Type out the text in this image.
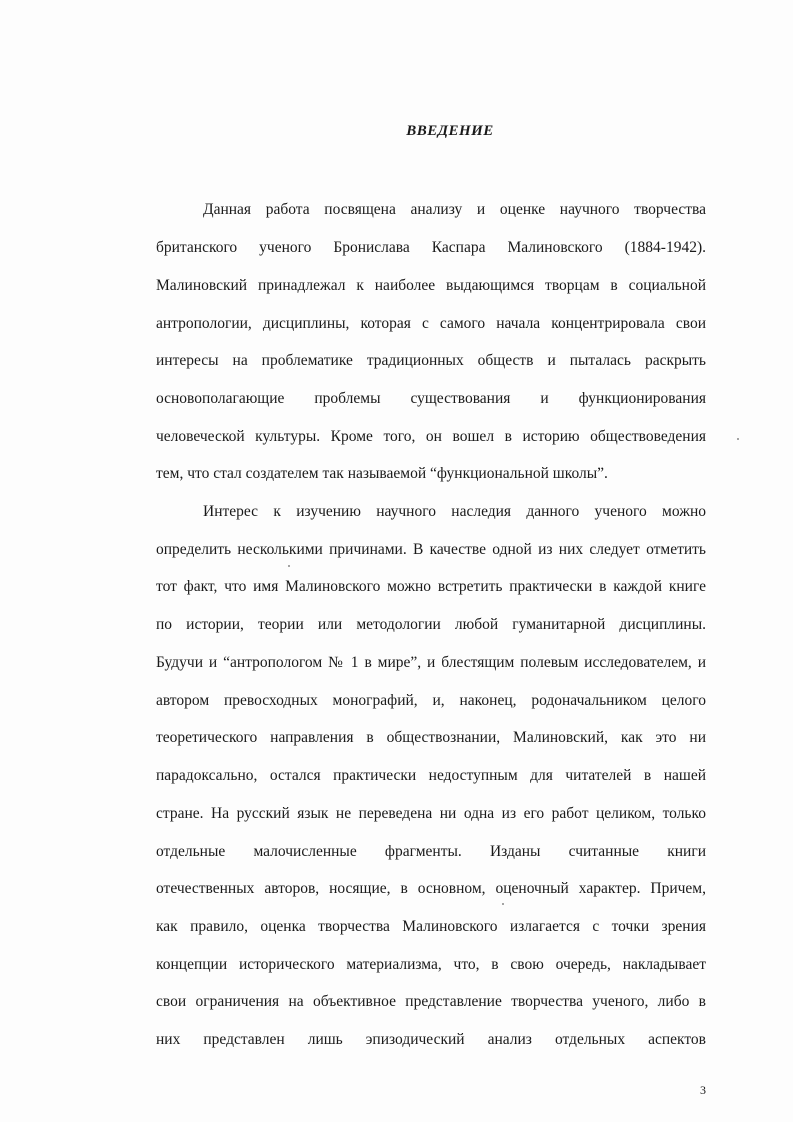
ВВЕДЕНИЕ
Данная работа посвящена анализу и оценке научного творчества
британского ученого Бронислава Каспара Малиновского (1884-1942).
Малиновский принадлежал к наиболее выдающимся творцам в социальной
антропологии, дисциплины, которая с самого начала концентрировала свои
интересы на проблематике традиционных обществ и пыталась раскрыть
основополагающие проблемы существования и функционирования
человеческой культуры. Кроме того, он вошел в историю обществоведения
тем, что стал создателем так называемой “функциональной школы”.
Интерес к изучению научного наследия данного ученого можно
определить несколькими причинами. В качестве одной из них следует отметить
тот факт, что имя Малиновского можно встретить практически в каждой книге
по истории, теории или методологии любой гуманитарной дисциплины.
Будучи и “антропологом № 1 в мире”, и блестящим полевым исследователем, и
автором превосходных монографий, и, наконец, родоначальником целого
теоретического направления в обществознании, Малиновский, как это ни
парадоксально, остался практически недоступным для читателей в нашей
стране. На русский язык не переведена ни одна из его работ целиком, только
отдельные малочисленные фрагменты. Изданы считанные книги
отечественных авторов, носящие, в основном, оценочный характер. Причем,
как правило, оценка творчества Малиновского излагается с точки зрения
концепции исторического материализма, что, в свою очередь, накладывает
свои ограничения на объективное представление творчества ученого, либо в
них представлен лишь эпизодический анализ отдельных аспектов
3
